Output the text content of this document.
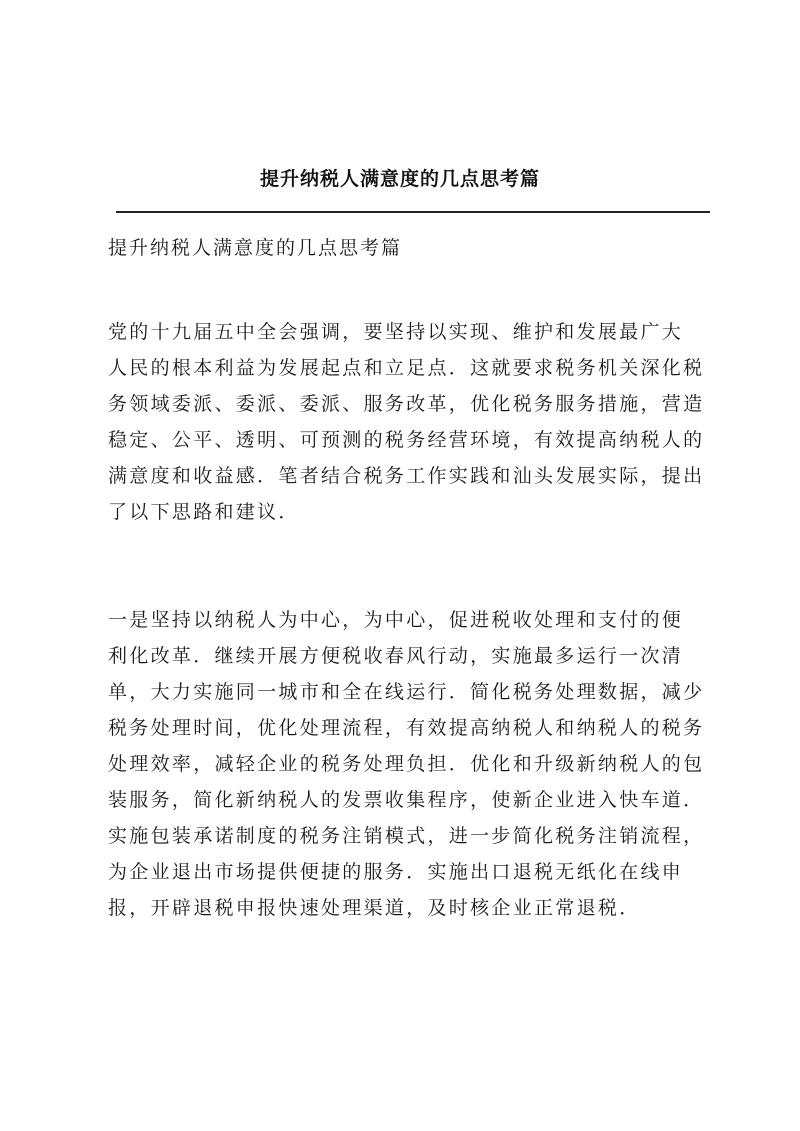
提升纳税人满意度的几点思考篇
提升纳税人满意度的几点思考篇
党的十九届五中全会强调，要坚持以实现、维护和发展最广大
人民的根本利益为发展起点和立足点．这就要求税务机关深化税
务领域委派、委派、委派、服务改革，优化税务服务措施，营造
稳定、公平、透明、可预测的税务经营环境，有效提高纳税人的
满意度和收益感．笔者结合税务工作实践和汕头发展实际，提出
了以下思路和建议．
一是坚持以纳税人为中心，为中心，促进税收处理和支付的便
利化改革．继续开展方便税收春风行动，实施最多运行一次清
单，大力实施同一城市和全在线运行．简化税务处理数据，减少
税务处理时间，优化处理流程，有效提高纳税人和纳税人的税务
处理效率，减轻企业的税务处理负担．优化和升级新纳税人的包
装服务，简化新纳税人的发票收集程序，使新企业进入快车道．
实施包装承诺制度的税务注销模式，进一步简化税务注销流程，
为企业退出市场提供便捷的服务．实施出口退税无纸化在线申
报，开辟退税申报快速处理渠道，及时核企业正常退税．
